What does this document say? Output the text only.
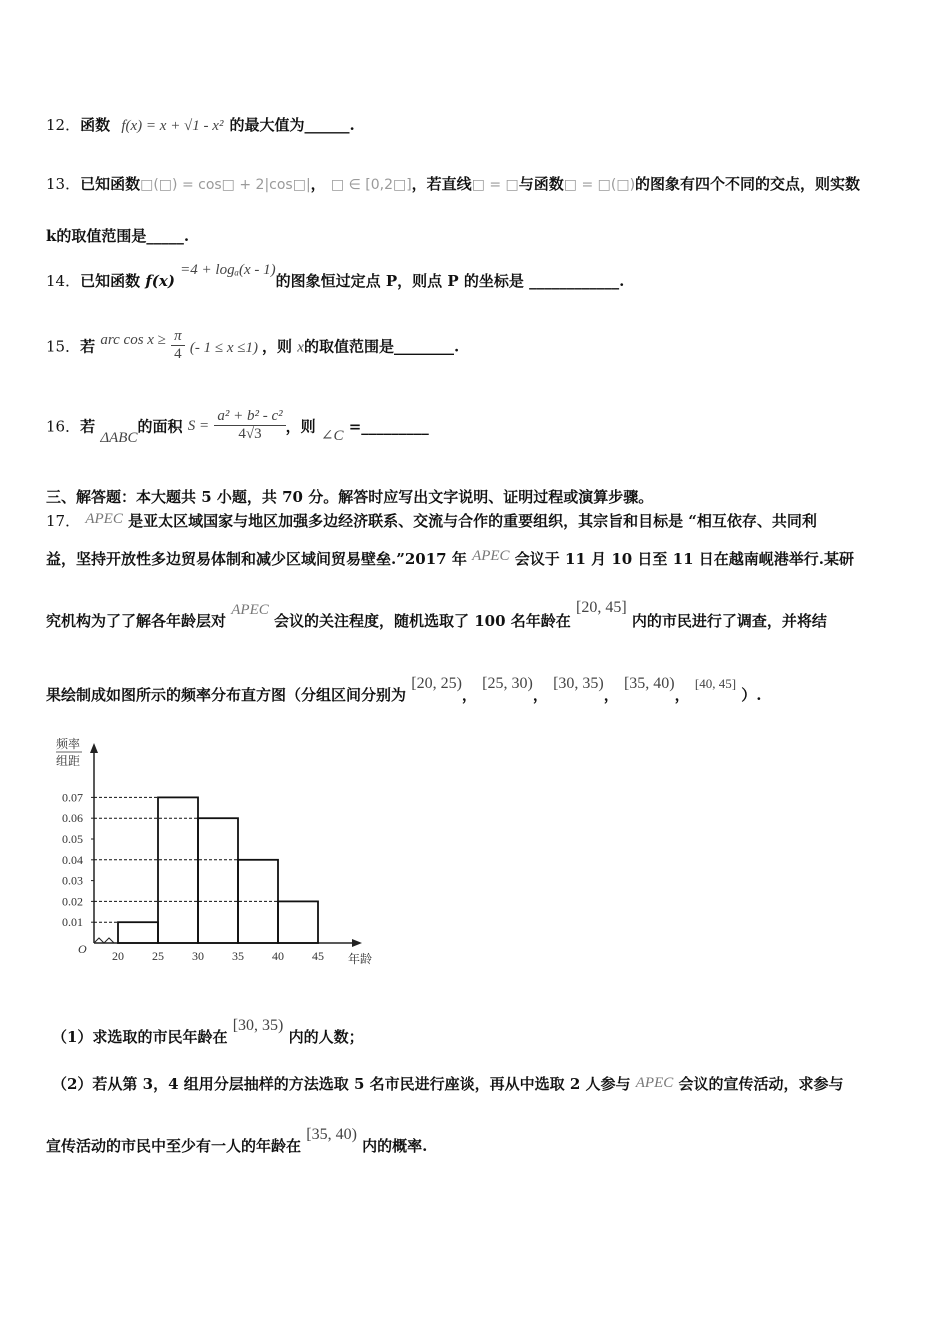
12．函数 f(x) = x + √1 - x² 的最大值为______.
13．已知函数□(□) = cos□ + 2|cos□|， □ ∈ [0,2□]，若直线□ = □与函数□ = □(□)的图象有四个不同的交点，则实数
k的取值范围是_____.
14．已知函数 f(x) =4 + logₐ(x - 1)的图象恒过定点 P，则点 P 的坐标是 ____________.
15．若 arc $\cos x \ge \frac{\pi}{4}$ (- 1 ≤ x ≤1) ，则 x的取值范围是________.
16．若 ΔABC的面积 $S = \frac{\text{a² + b² - c²}}{4√3}$ ，则 ∠C =_________
三、解答题：本大题共 5 小题，共 70 分。解答时应写出文字说明、证明过程或演算步骤。
17． APEC 是亚太区域国家与地区加强多边经济联系、交流与合作的重要组织，其宗旨和目标是 “相互依存、共同利
益，坚持开放性多边贸易体制和减少区域间贸易壁垒.”2017 年 APEC 会议于 11 月 10 日至 11 日在越南岘港举行.某研
究机构为了了解各年龄层对 APEC 会议的关注程度，随机选取了 100 名年龄在 [20, 45] 内的市民进行了调查，并将结
果绘制成如图所示的频率分布直方图（分组区间分别为 [20, 25)， [25, 30)， [30, 35)， [35, 40)， [40, 45] ）.
频率
组距
O
0.01
0.02
0.03
0.04
0.05
0.06
0.07
20 25 30 35 40 45 年龄
（1）求选取的市民年龄在 [30, 35) 内的人数；
（2）若从第 3，4 组用分层抽样的方法选取 5 名市民进行座谈，再从中选取 2 人参与 APEC 会议的宣传活动，求参与
宣传活动的市民中至少有一人的年龄在 [35, 40) 内的概率.
